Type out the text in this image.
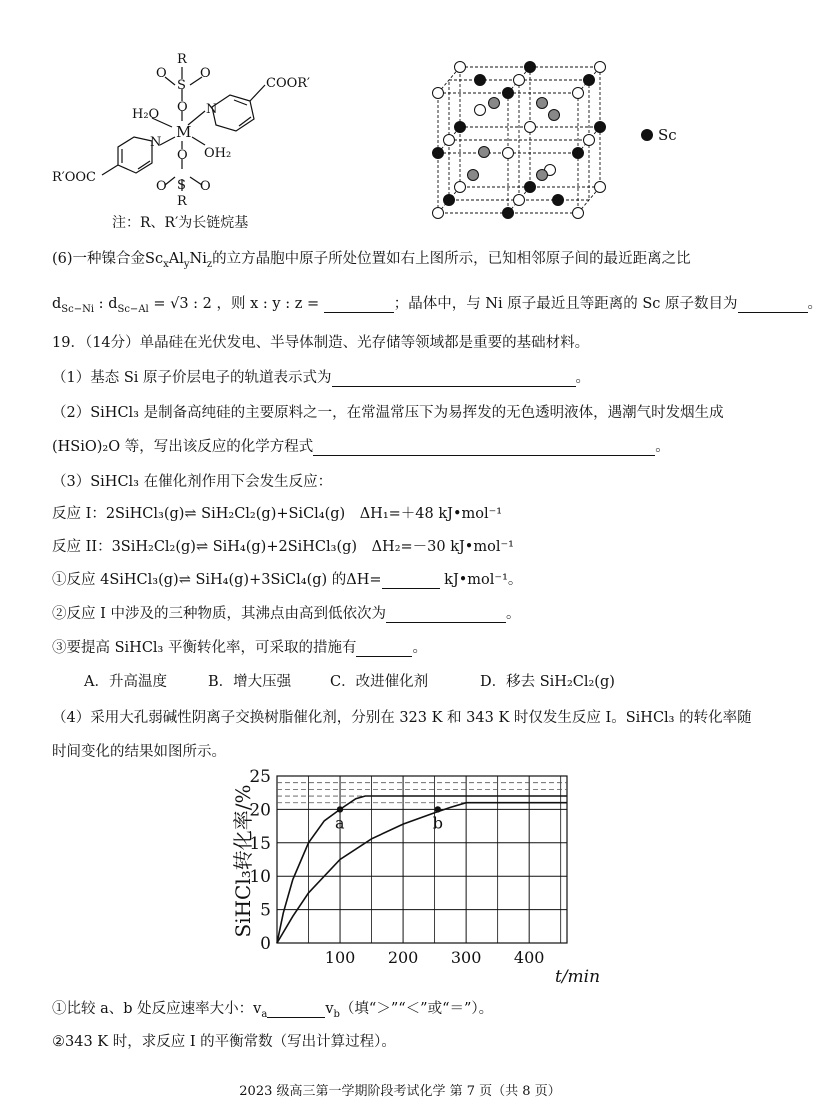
R
S
O	O
O
H₂O
M
N
COOR′
N
OH₂
O
S
O	O
R
R′OOC
注：R、R′为长链烷基
Sc
(6)一种镍合金$Sc_xAl_yNi_z$的立方晶胞中原子所处位置如右上图所示，已知相邻原子间的最近距离之比
$d_{Sc-Ni}$ : $d_{Sc-Al} = √3$ : 2 ，则 x : y : z =	；晶体中，与 Ni 原子最近且等距离的 Sc 原子数目为	。
19．（14分）单晶硅在光伏发电、半导体制造、光存储等领域都是重要的基础材料。
（1）基态 Si 原子价层电子的轨道表示式为	。
（2）SiHCl₃ 是制备高纯硅的主要原料之一，在常温常压下为易挥发的无色透明液体，遇潮气时发烟生成
(HSiO)₂O 等，写出该反应的化学方程式	。
（3）SiHCl₃ 在催化剂作用下会发生反应：
反应 I：2SiHCl₃(g)⇌ SiH₂Cl₂(g)+SiCl₄(g)　ΔH₁=＋48 kJ•mol⁻¹
反应 II：3SiH₂Cl₂(g)⇌ SiH₄(g)+2SiHCl₃(g)　ΔH₂=－30 kJ•mol⁻¹
①反应 4SiHCl₃(g)⇌ SiH₄(g)+3SiCl₄(g) 的ΔH=	kJ•mol⁻¹。
②反应 I 中涉及的三种物质，其沸点由高到低依次为	。
③要提高 SiHCl₃ 平衡转化率，可采取的措施有	。
A．升高温度	B．增大压强	C．改进催化剂	D．移去 SiH₂Cl₂(g)
（4）采用大孔弱碱性阴离子交换树脂催化剂，分别在 323 K 和 343 K 时仅发生反应 I。SiHCl₃ 的转化率随
时间变化的结果如图所示。
a	b
100 200 300 400
0
5
10
15
20
25
SiHCl₃转化率/%
t/min
①比较 a、b 处反应速率大小：$v_a$	$v_b$（填“＞”“＜”或“＝”）。
②343 K 时，求反应 I 的平衡常数（写出计算过程）。
2023 级高三第一学期阶段考试化学 第 7 页（共 8 页）
